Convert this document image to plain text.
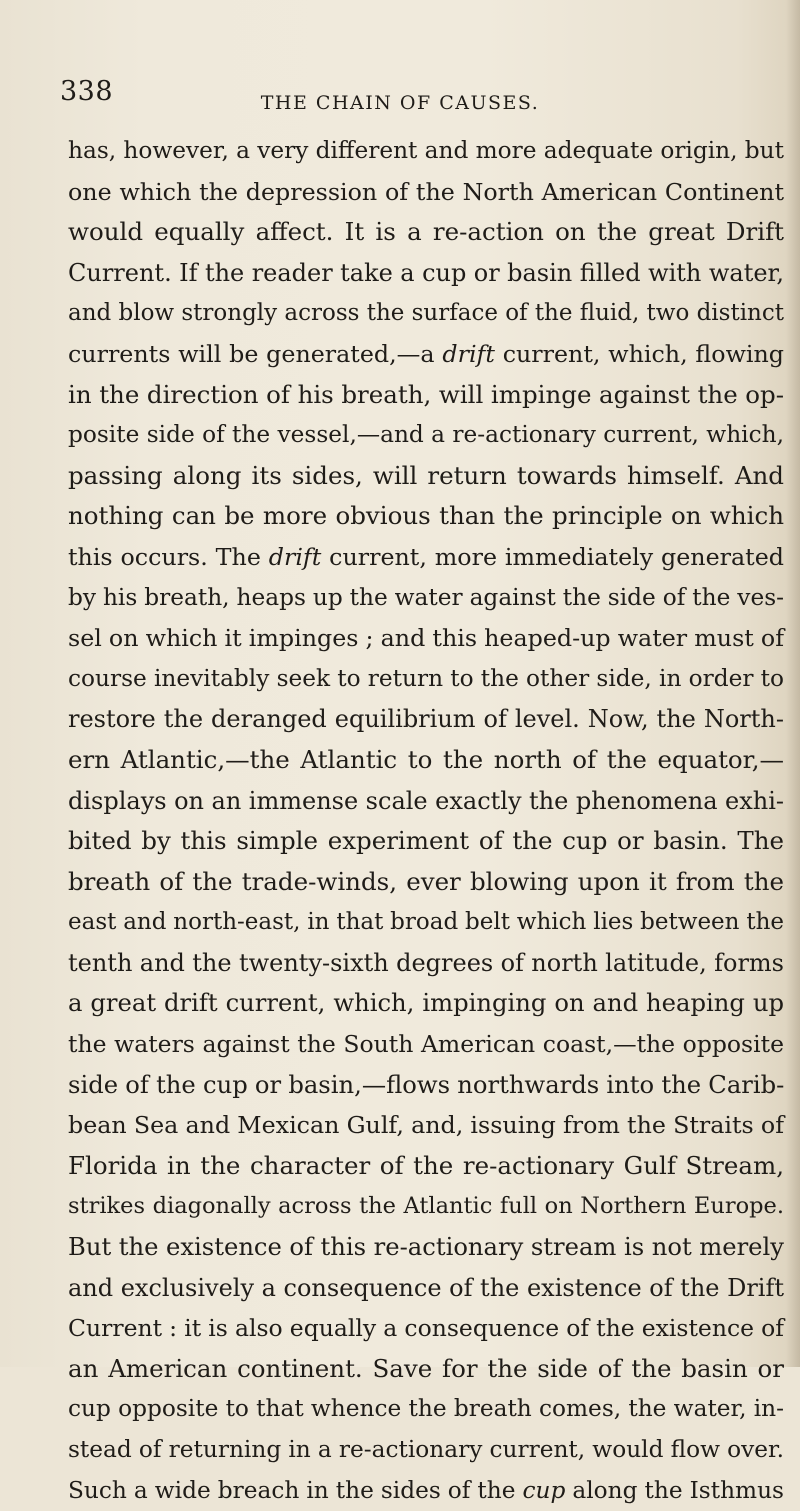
338	THE CHAIN OF CAUSES.

has, however, a very different and more adequate origin, but
one which the depression of the North American Continent
would equally affect. It is a re-action on the great Drift
Current. If the reader take a cup or basin filled with water,
and blow strongly across the surface of the fluid, two distinct
currents will be generated,—a drift current, which, flowing
in the direction of his breath, will impinge against the op-
posite side of the vessel,—and a re-actionary current, which,
passing along its sides, will return towards himself. And
nothing can be more obvious than the principle on which
this occurs. The drift current, more immediately generated
by his breath, heaps up the water against the side of the ves-
sel on which it impinges ; and this heaped-up water must of
course inevitably seek to return to the other side, in order to
restore the deranged equilibrium of level. Now, the North-
ern Atlantic,—the Atlantic to the north of the equator,—
displays on an immense scale exactly the phenomena exhi-
bited by this simple experiment of the cup or basin. The
breath of the trade-winds, ever blowing upon it from the
east and north-east, in that broad belt which lies between the
tenth and the twenty-sixth degrees of north latitude, forms
a great drift current, which, impinging on and heaping up
the waters against the South American coast,—the opposite
side of the cup or basin,—flows northwards into the Carib-
bean Sea and Mexican Gulf, and, issuing from the Straits of
Florida in the character of the re-actionary Gulf Stream,
strikes diagonally across the Atlantic full on Northern Europe.
But the existence of this re-actionary stream is not merely
and exclusively a consequence of the existence of the Drift
Current : it is also equally a consequence of the existence of
an American continent. Save for the side of the basin or
cup opposite to that whence the breath comes, the water, in-
stead of returning in a re-actionary current, would flow over.
Such a wide breach in the sides of the cup along the Isthmus
